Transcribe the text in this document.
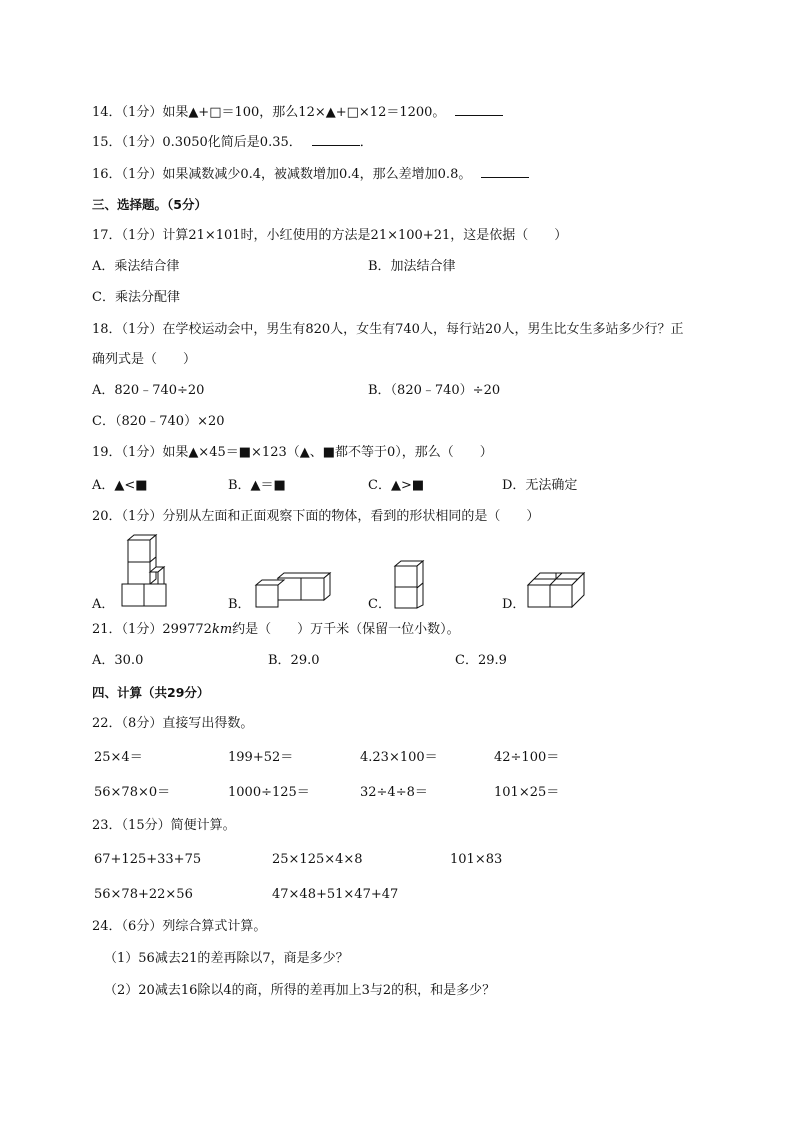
14．（1分）如果▲+□＝100，那么12×▲+□×12＝1200。
15．（1分）0.3050化简后是0.35．	．
16．（1分）如果减数减少0.4，被减数增加0.4，那么差增加0.8。
三、选择题。（5分）
17．（1分）计算21×101时，小红使用的方法是21×100+21，这是依据（　　）
A．乘法结合律	B．加法结合律
C．乘法分配律
18．（1分）在学校运动会中，男生有820人，女生有740人，每行站20人，男生比女生多站多少行？正
确列式是（　　）
A．820﹣740÷20	B．（820﹣740）÷20
C．（820﹣740）×20
19．（1分）如果▲×45＝■×123（▲、■都不等于0），那么（　　）
A．▲<■	B．▲＝■	C．▲>■	D．无法确定
20．（1分）分别从左面和正面观察下面的物体，看到的形状相同的是（　　）
A．	B．	C．	D．
21．（1分）299772km约是（　　）万千米（保留一位小数）。
A．30.0	B．29.0	C．29.9
四、计算（共29分）
22．（8分）直接写出得数。
25×4＝	199+52＝	4.23×100＝	42÷100＝
56×78×0＝	1000÷125＝	32÷4÷8＝	101×25＝
23．（15分）简便计算。
67+125+33+75	25×125×4×8	101×83
56×78+22×56	47×48+51×47+47
24．（6分）列综合算式计算。
（1）56减去21的差再除以7，商是多少？
（2）20减去16除以4的商，所得的差再加上3与2的积，和是多少？
